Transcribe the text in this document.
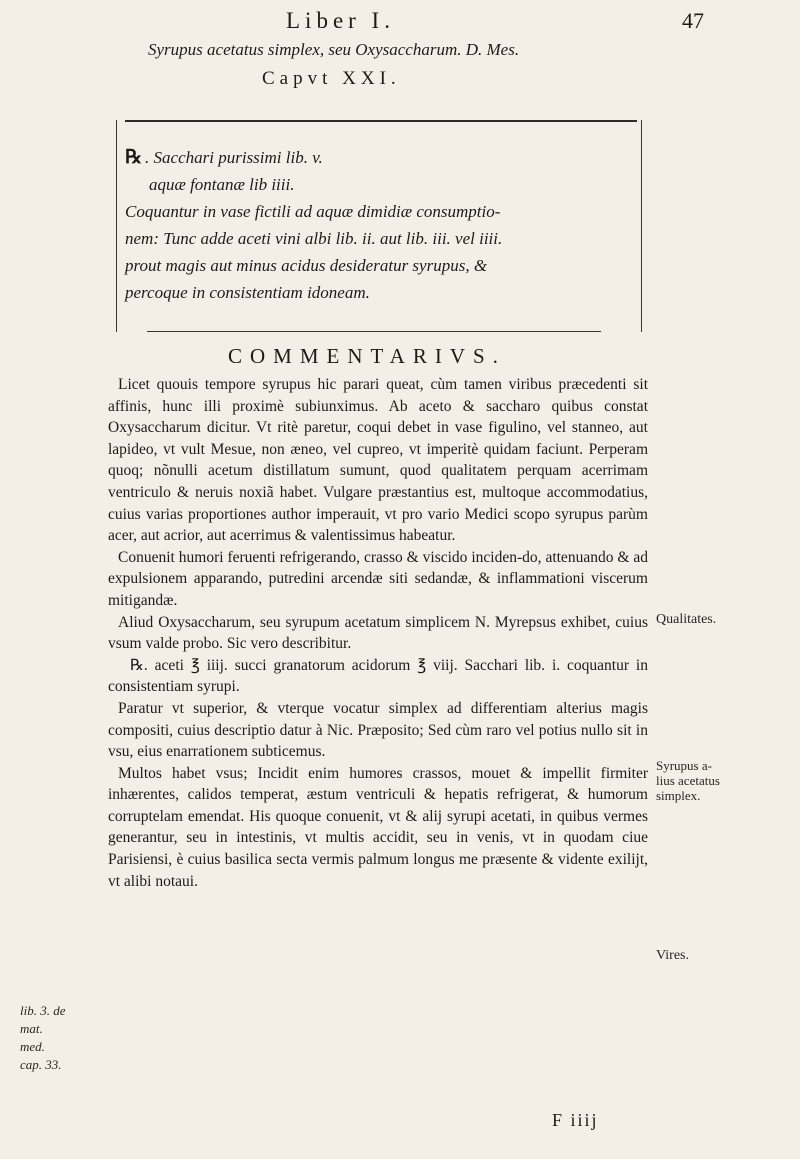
Liber I.	47
Syrupus acetatus simplex, seu Oxysaccharum. D. Mes.
Capvt XXI.
℞ . Sacchari purissimi lib. v.
aquæ fontanæ lib iiii.
Coquantur in vase fictili ad aquæ dimidiæ consumptio-
nem: Tunc adde aceti vini albi lib. ii. aut lib. iii. vel iiii.
prout magis aut minus acidus desideratur syrupus, &
percoque in consistentiam idoneam.
COMMENTARIVS.

Licet quouis tempore syrupus hic parari queat, cùm tamen viribus præcedenti sit affinis, hunc illi proximè subiunximus. Ab aceto & saccharo quibus constat Oxysaccharum dicitur. Vt ritè paretur, coqui debet in vase figulino, vel stanneo, aut lapideo, vt vult Mesue, non æneo, vel cupreo, vt imperitè quidam faciunt. Perperam quoq; nõnulli acetum distillatum sumunt, quod qualitatem perquam acerrimam ventriculo & neruis noxiã habet. Vulgare præstantius est, multoque accommodatius, cuius varias proportiones author imperauit, vt pro vario Medici scopo syrupus parùm acer, aut acrior, aut acerrimus & valentissimus habeatur.

Conuenit humori feruenti refrigerando, crasso & viscido inciden-do, attenuando & ad expulsionem apparando, putredini arcendæ siti sedandæ, & inflammationi viscerum mitigandæ.

Aliud Oxysaccharum, seu syrupum acetatum simplicem N. Myrepsus exhibet, cuius vsum valde probo. Sic vero describitur.

℞. aceti ℥ iiij. succi granatorum acidorum ℥ viij. Sacchari lib. i. coquantur in consistentiam syrupi.

Paratur vt superior, & vterque vocatur simplex ad differentiam alterius magis compositi, cuius descriptio datur à Nic. Præposito; Sed cùm raro vel potius nullo sit in vsu, eius enarrationem subticemus.

Multos habet vsus; Incidit enim humores crassos, mouet & impellit firmiter inhærentes, calidos temperat, æstum ventriculi & hepatis refrigerat, & humorum corruptelam emendat. His quoque conuenit, vt & alij syrupi acetati, in quibus vermes generantur, seu in intestinis, vt multis accidit, seu in venis, vt in quodam ciue Parisiensi, è cuius basilica secta vermis palmum longus me præsente & vidente exilijt, vt alibi notaui.

Qualitates.
Syrupus a-
lius acetatus
simplex.
Vires.
lib. 3. de
mat.
med.
cap. 33.
F iiij
